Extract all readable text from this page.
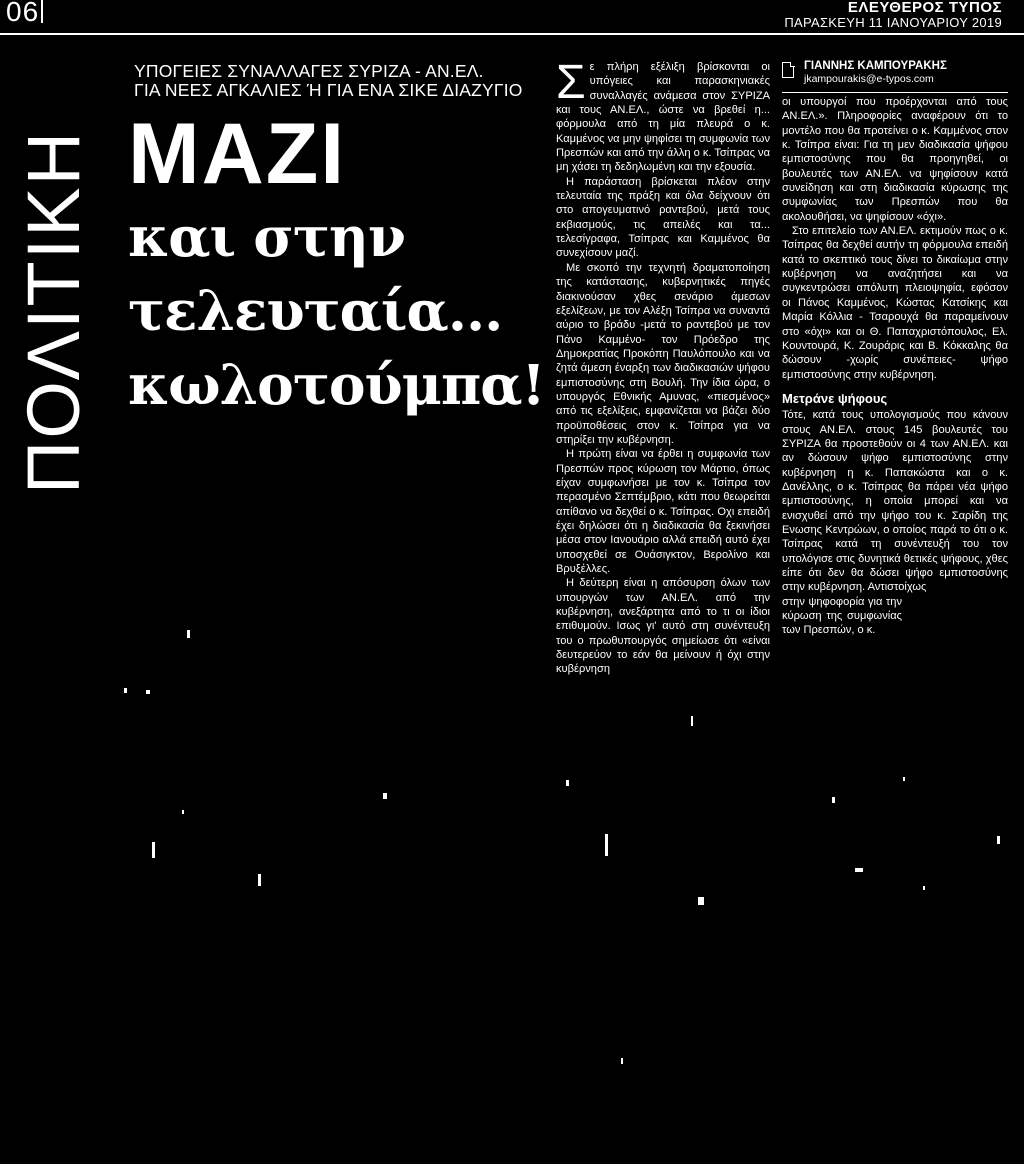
06	ΕΛΕΥΘΕΡΟΣ ΤΥΠΟΣ
ΠΑΡΑΣΚΕΥΗ 11 ΙΑΝΟΥΑΡΙΟΥ 2019
ΠΟΛΙΤΙΚΗ
ΥΠΟΓΕΙΕΣ ΣΥΝΑΛΛΑΓΕΣ ΣΥΡΙΖΑ - ΑΝ.ΕΛ.
ΓΙΑ ΝΕΕΣ ΑΓΚΑΛΙΕΣ Ή ΓΙΑ ΕΝΑ ΣΙΚΕ ΔΙΑΖΥΓΙΟ
ΜΑΖΙ
και στην
τελευταία...
κωλοτούμπα!
Σ ε πλήρη εξέλιξη βρίσκονται οι υπόγειες και παρασκηνιακές συναλλαγές ανάμεσα στον ΣΥΡΙΖΑ και τους ΑΝ.ΕΛ., ώστε να βρεθεί η... φόρμουλα από τη μία πλευρά ο κ. Καμμένος να μην ψηφίσει τη συμφωνία των Πρεσπών και από την άλλη ο κ. Τσίπρας να μη χάσει τη δεδηλωμένη και την εξουσία.

Η παράσταση βρίσκεται πλέον στην τελευταία της πράξη και όλα δείχνουν ότι στο απογευματινό ραντεβού, μετά τους εκβιασμούς, τις απειλές και τα... τελεσίγραφα, Τσίπρας και Καμμένος θα συνεχίσουν μαζί.

Με σκοπό την τεχνητή δραματοποίηση της κατάστασης, κυβερνητικές πηγές διακινούσαν χθες σενάριο άμεσων εξελίξεων, με τον Αλέξη Τσίπρα να συναντά αύριο το βράδυ -μετά το ραντεβού με τον Πάνο Καμμένο- τον Πρόεδρο της Δημοκρατίας Προκόπη Παυλόπουλο και να ζητά άμεση έναρξη των διαδικασιών ψήφου εμπιστοσύνης στη Βουλή. Την ίδια ώρα, ο υπουργός Εθνικής Αμυνας, «πιεσμένος» από τις εξελίξεις, εμφανίζεται να βάζει δύο προϋποθέσεις στον κ. Τσίπρα για να στηρίξει την κυβέρνηση.

Η πρώτη είναι να έρθει η συμφωνία των Πρεσπών προς κύρωση τον Μάρτιο, όπως είχαν συμφωνήσει με τον κ. Τσίπρα τον περασμένο Σεπτέμβριο, κάτι που θεωρείται απίθανο να δεχθεί ο κ. Τσίπρας. Οχι επειδή έχει δηλώσει ότι η διαδικασία θα ξεκινήσει μέσα στον Ιανουάριο αλλά επειδή αυτό έχει υποσχεθεί σε Ουάσιγκτον, Βερολίνο και Βρυξέλλες.

Η δεύτερη είναι η απόσυρση όλων των υπουργών των ΑΝ.ΕΛ. από την κυβέρνηση, ανεξάρτητα από το τι οι ίδιοι επιθυμούν. Ισως γι' αυτό στη συνέντευξη του ο πρωθυπουργός σημείωσε ότι «είναι δευτερεύον το εάν θα μείνουν ή όχι στην κυβέρνηση

ΓΙΑΝΝΗΣ ΚΑΜΠΟΥΡΑΚΗΣ
jkampourakis@e-typos.com

οι υπουργοί που προέρχονται από τους ΑΝ.ΕΛ.». Πληροφορίες αναφέρουν ότι το μοντέλο που θα προτείνει ο κ. Καμμένος στον κ. Τσίπρα είναι: Για τη μεν διαδικασία ψήφου εμπιστοσύνης που θα προηγηθεί, οι βουλευτές των ΑΝ.ΕΛ. να ψηφίσουν κατά συνείδηση και στη διαδικασία κύρωσης της συμφωνίας των Πρεσπών που θα ακολουθήσει, να ψηφίσουν «όχι».

Στο επιτελείο των ΑΝ.ΕΛ. εκτιμούν πως ο κ. Τσίπρας θα δεχθεί αυτήν τη φόρμουλα επειδή κατά το σκεπτικό τους δίνει το δικαίωμα στην κυβέρνηση να αναζητήσει και να συγκεντρώσει απόλυτη πλειοψηφία, εφόσον οι Πάνος Καμμένος, Κώστας Κατσίκης και Μαρία Κόλλια - Τσαρουχά θα παραμείνουν στο «όχι» και οι Θ. Παπαχριστόπουλος, Ελ. Κουντουρά, Κ. Ζουράρις και Β. Κόκκαλης θα δώσουν -χωρίς συνέπειες- ψήφο εμπιστοσύνης στην κυβέρνηση.

Μετράνε ψήφους

Τότε, κατά τους υπολογισμούς που κάνουν στους ΑΝ.ΕΛ. στους 145 βουλευτές του ΣΥΡΙΖΑ θα προστεθούν οι 4 των ΑΝ.ΕΛ. και αν δώσουν ψήφο εμπιστοσύνης στην κυβέρνηση η κ. Παπακώστα και ο κ. Δανέλλης, ο κ. Τσίπρας θα πάρει νέα ψήφο εμπιστοσύνης, η οποία μπορεί και να ενισχυθεί από την ψήφο του κ. Σαρίδη της Ενωσης Κεντρώων, ο οποίος παρά το ότι ο κ. Τσίπρας κατά τη συνέντευξή του τον υπολόγισε στις δυνητικά θετικές ψήφους, χθες είπε ότι δεν θα δώσει ψήφο εμπιστοσύνης στην κυβέρνηση. Αντιστοίχως

στην ψηφοφορία για την κύρωση της συμφωνίας των Πρεσπών, ο κ.
